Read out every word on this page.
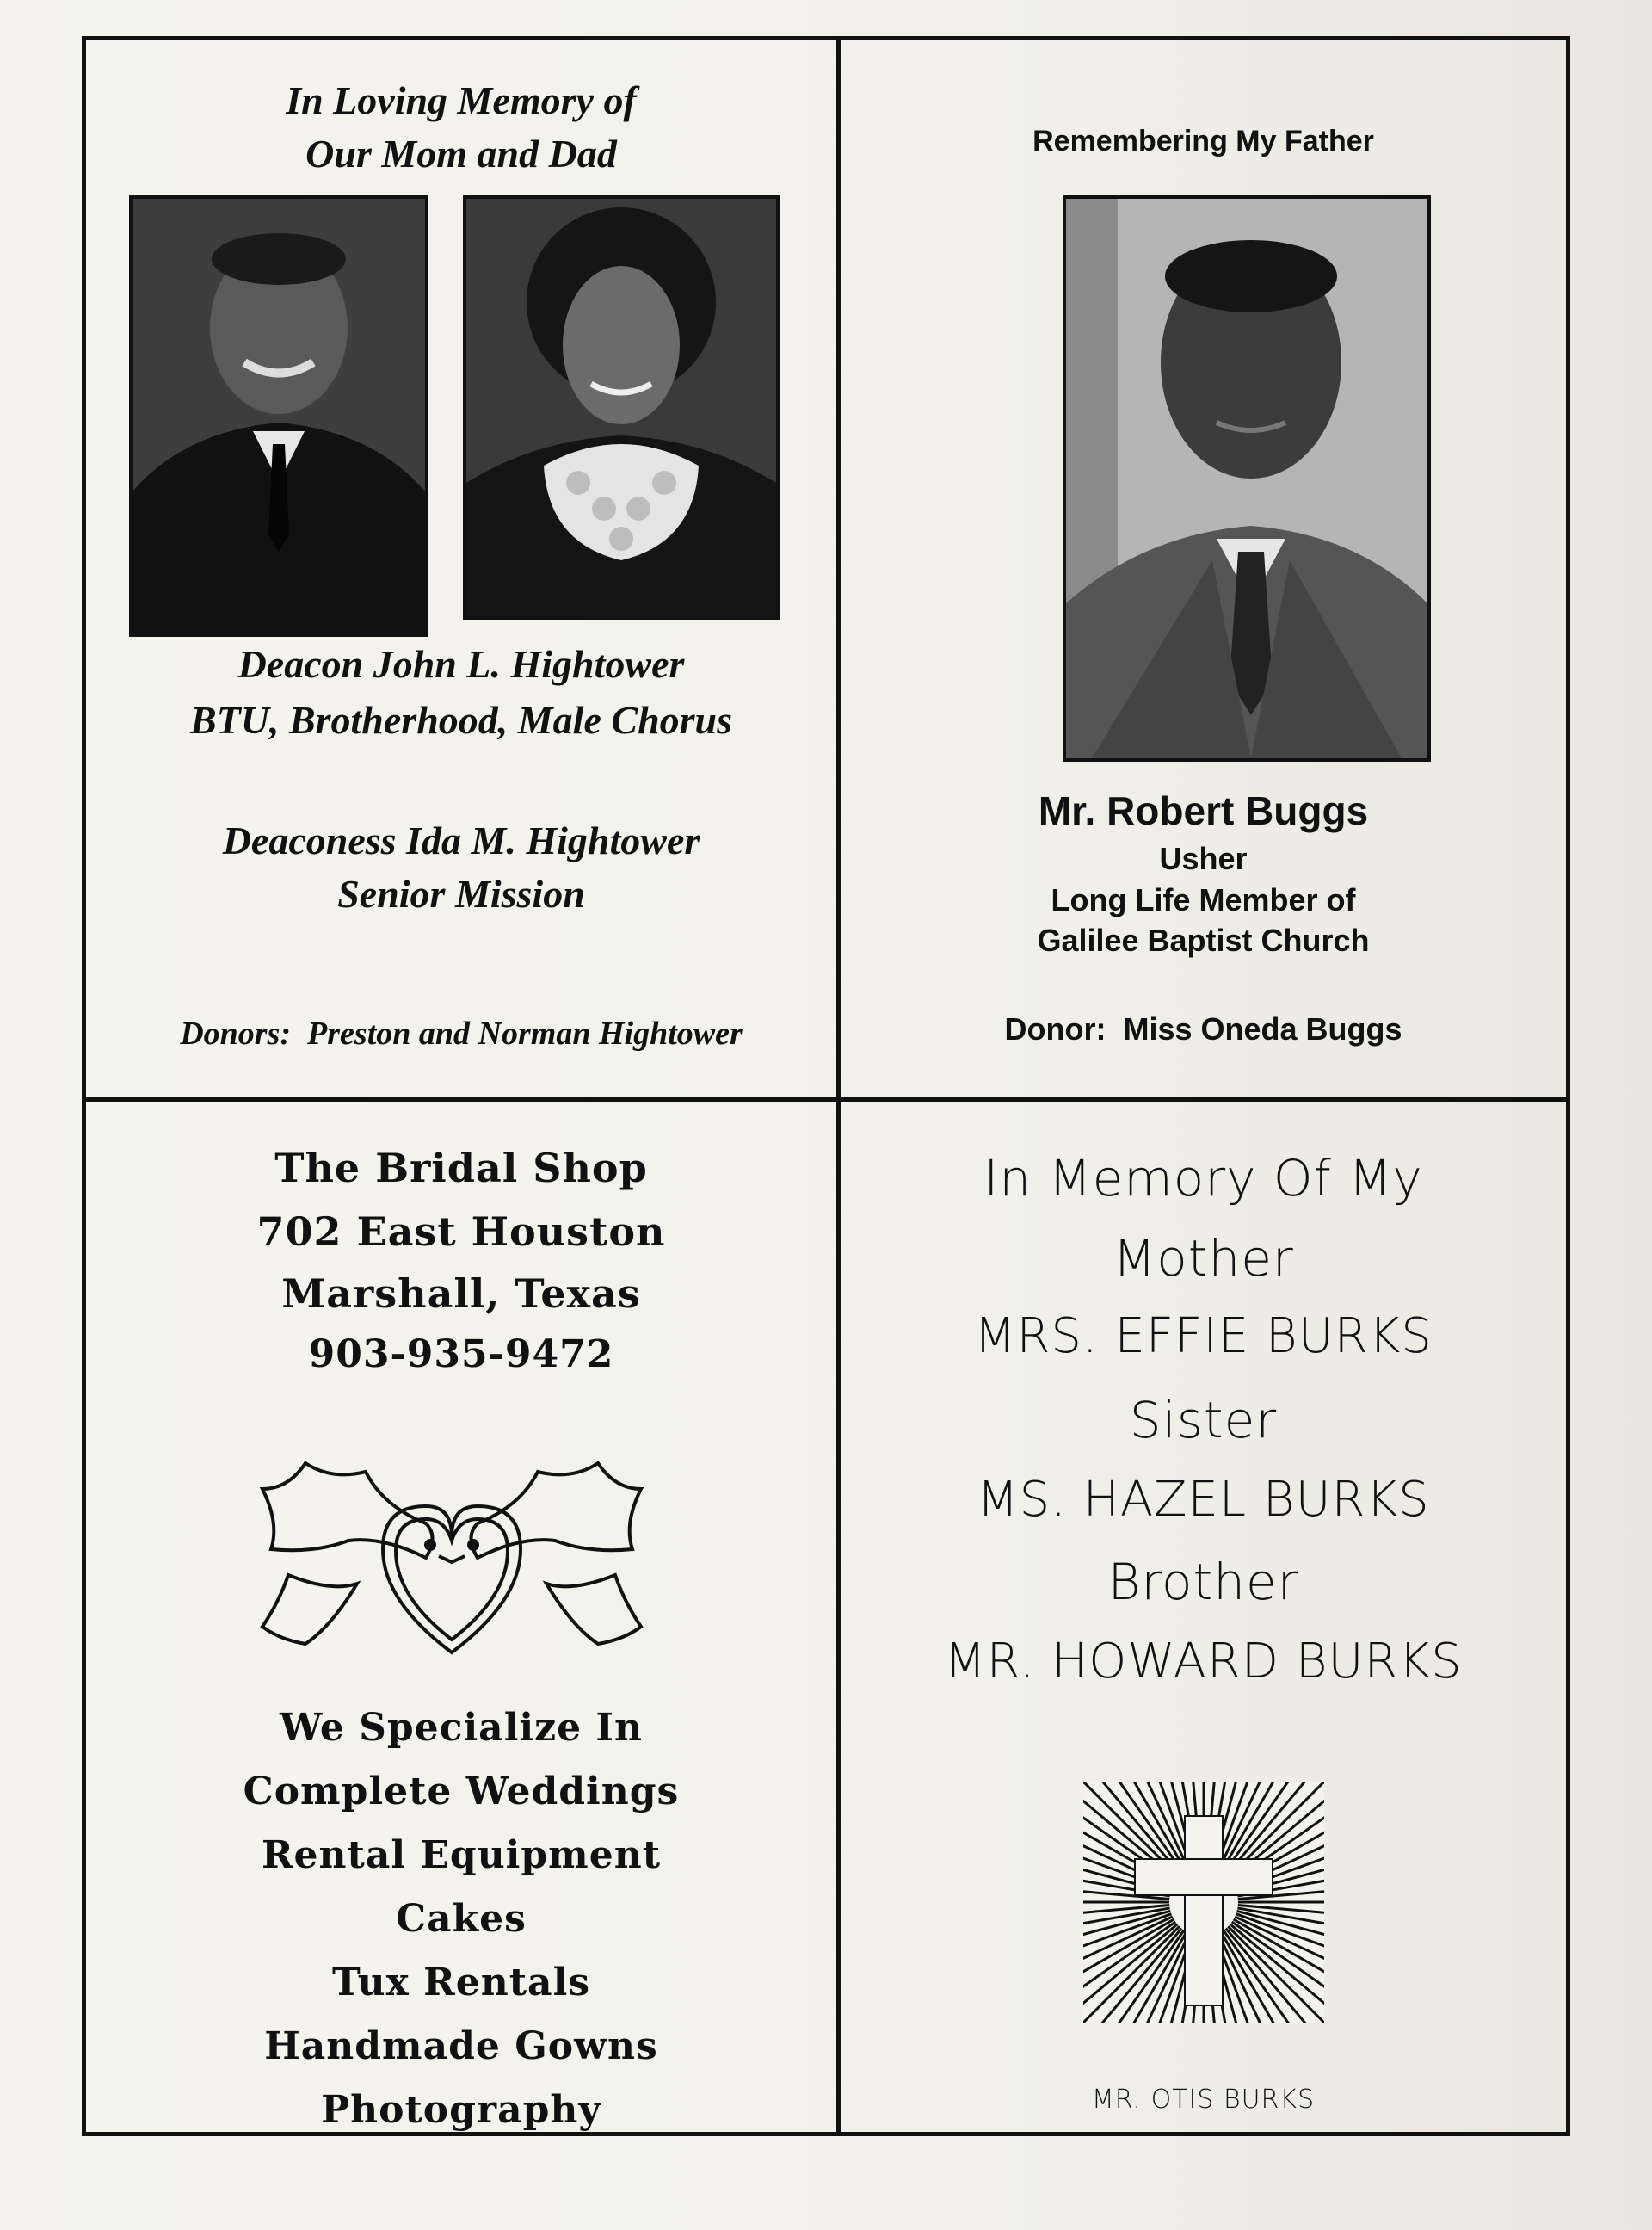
In Loving Memory of
Our Mom and Dad
Deacon John L. Hightower
BTU, Brotherhood, Male Chorus
Deaconess Ida M. Hightower
Senior Mission
Donors: Preston and Norman Hightower
Remembering My Father
Mr. Robert Buggs
Usher
Long Life Member of
Galilee Baptist Church
Donor: Miss Oneda Buggs
The Bridal Shop
702 East Houston
Marshall, Texas
903-935-9472
We Specialize In
Complete Weddings
Rental Equipment
Cakes
Tux Rentals
Handmade Gowns
Photography
In Memory Of My
Mother
MRS. EFFIE BURKS
Sister
MS. HAZEL BURKS
Brother
MR. HOWARD BURKS
MR. OTIS BURKS
